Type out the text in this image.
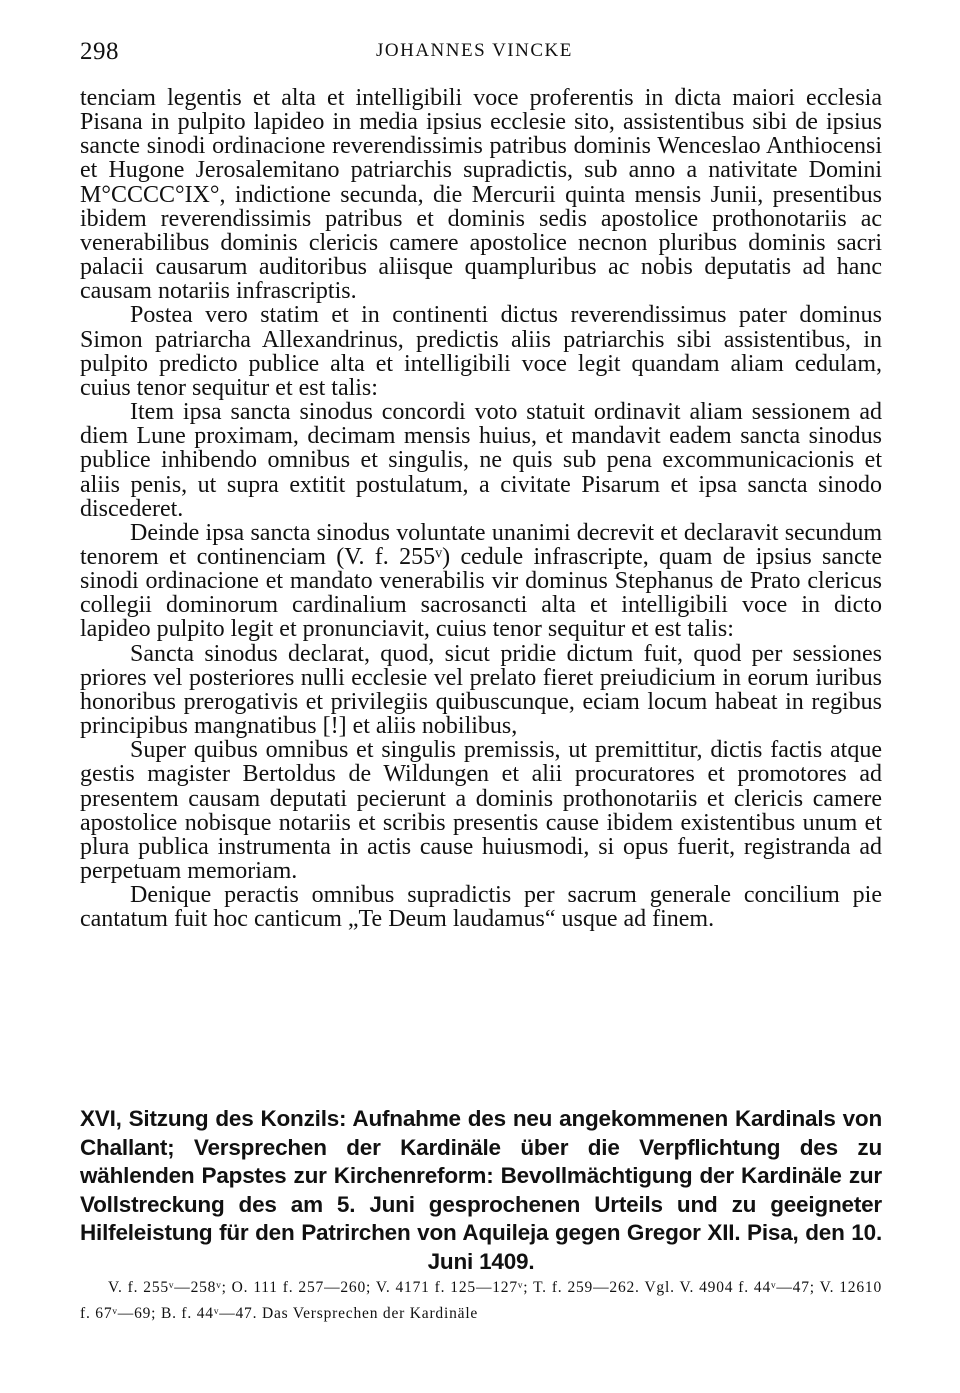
298	JOHANNES VINCKE

tenciam legentis et alta et intelligibili voce proferentis in dicta maiori ecclesia Pisana in pulpito lapideo in media ipsius ecclesie sito, assistentibus sibi de ipsius sancte sinodi ordinacione reverendissimis patribus dominis Wenceslao Anthiocensi et Hugone Jerosalemitano patriarchis supradictis, sub anno a nativitate Domini M°CCCC°IX°, indictione secunda, die Mercurii quinta mensis Junii, presentibus ibidem reverendissimis patribus et dominis sedis apostolice prothonotariis ac venerabilibus dominis clericis camere apostolice necnon pluribus dominis sacri palacii causarum auditoribus aliisque quampluribus ac nobis deputatis ad hanc causam notariis infrascriptis.

Postea vero statim et in continenti dictus reverendissimus pater dominus Simon patriarcha Allexandrinus, predictis aliis patriarchis sibi assistentibus, in pulpito predicto publice alta et intelligibili voce legit quandam aliam cedulam, cuius tenor sequitur et est talis:

Item ipsa sancta sinodus concordi voto statuit ordinavit aliam sessionem ad diem Lune proximam, decimam mensis huius, et mandavit eadem sancta sinodus publice inhibendo omnibus et singulis, ne quis sub pena excommunicacionis et aliis penis, ut supra extitit postulatum, a civitate Pisarum et ipsa sancta sinodo discederet.

Deinde ipsa sancta sinodus voluntate unanimi decrevit et declaravit secundum tenorem et continenciam (V. f. 255ᵛ) cedule infrascripte, quam de ipsius sancte sinodi ordinacione et mandato venerabilis vir dominus Stephanus de Prato clericus collegii dominorum cardinalium sacrosancti alta et intelligibili voce in dicto lapideo pulpito legit et pronunciavit, cuius tenor sequitur et est talis:

Sancta sinodus declarat, quod, sicut pridie dictum fuit, quod per sessiones priores vel posteriores nulli ecclesie vel prelato fieret preiudicium in eorum iuribus honoribus prerogativis et privilegiis quibuscunque, eciam locum habeat in regibus principibus mangnatibus [!] et aliis nobilibus,

Super quibus omnibus et singulis premissis, ut premittitur, dictis factis atque gestis magister Bertoldus de Wildungen et alii procuratores et promotores ad presentem causam deputati pecierunt a dominis prothonotariis et clericis camere apostolice nobisque notariis et scribis presentis cause ibidem existentibus unum et plura publica instrumenta in actis cause huiusmodi, si opus fuerit, registranda ad perpetuam memoriam.

Denique peractis omnibus supradictis per sacrum generale concilium pie cantatum fuit hoc canticum „Te Deum laudamus“ usque ad finem.

XVI, Sitzung des Konzils: Aufnahme des neu angekommenen Kardinals von Challant; Versprechen der Kardinäle über die Verpflichtung des zu wählenden Papstes zur Kirchenreform: Bevollmächtigung der Kardinäle zur Vollstreckung des am 5. Juni gesprochenen Urteils und zu geeigneter Hilfeleistung für den Patrirchen von Aquileja gegen Gregor XII. Pisa, den 10. Juni 1409.
V. f. 255ᵛ—258ᵛ; O. 111 f. 257—260; V. 4171 f. 125—127ᵛ; T. f. 259—262. Vgl. V. 4904 f. 44ᵛ—47; V. 12610 f. 67ᵛ—69; B. f. 44ᵛ—47. Das Versprechen der Kardinäle
